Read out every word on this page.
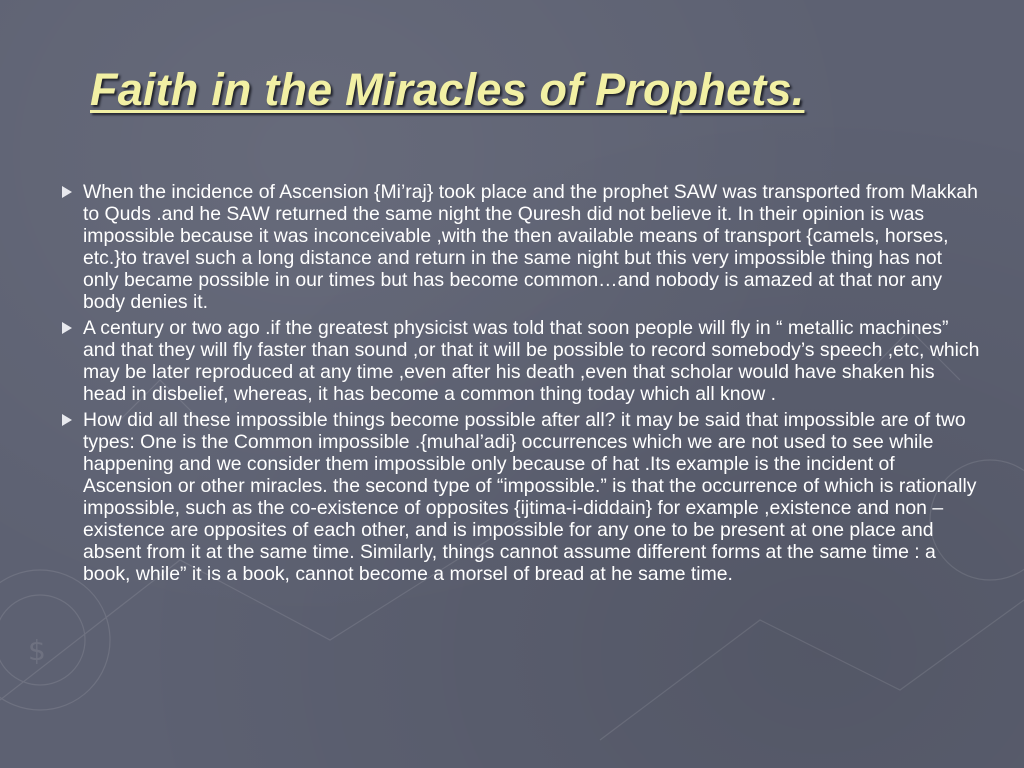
$
Faith in the Miracles of Prophets.
When the incidence of Ascension {Mi’raj} took place and the prophet SAW was transported from Makkah to Quds .and he SAW returned the same night the Quresh did not believe it. In their opinion is was impossible because it was inconceivable ,with the then available means of transport {camels, horses, etc.}to travel such a long distance and return in the same night but this very impossible thing has not only became possible in our times but has become common…and nobody is amazed at that nor any body denies it.
A century or two ago .if the greatest physicist was told that soon people will fly in “ metallic machines” and that they will fly faster than sound ,or that it will be possible to record somebody’s speech ,etc, which may be later reproduced at any time ,even after his death ,even that scholar would have shaken his head in disbelief, whereas, it has become a common thing today which all know .
How did all these impossible things become possible after all? it may be said that impossible are of two types: One is the Common impossible .{muhal’adi} occurrences which we are not used to see while happening and we consider them impossible only because of hat .Its example is the incident of Ascension or other miracles. the second type of “impossible.” is that the occurrence of which is rationally impossible, such as the co-existence of opposites {ijtima-i-diddain} for example ,existence and non –existence are opposites of each other, and is impossible for any one to be present at one place and absent from it at the same time. Similarly, things cannot assume different forms at the same time : a book, while” it is a book, cannot become a morsel of bread at he same time.
